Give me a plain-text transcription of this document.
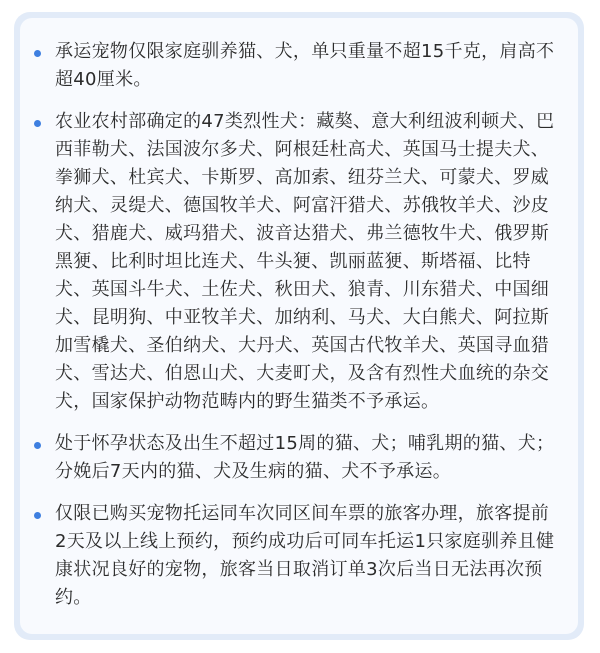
承运宠物仅限家庭驯养猫、犬，单只重量不超15千克，肩高不超40厘米。
农业农村部确定的47类烈性犬：藏獒、意大利纽波利顿犬、巴西菲勒犬、法国波尔多犬、阿根廷杜高犬、英国马士提夫犬、拳狮犬、杜宾犬、卡斯罗、高加索、纽芬兰犬、可蒙犬、罗威纳犬、灵缇犬、德国牧羊犬、阿富汗猎犬、苏俄牧羊犬、沙皮犬、猎鹿犬、威玛猎犬、波音达猎犬、弗兰德牧牛犬、俄罗斯黑㹴、比利时坦比连犬、牛头㹴、凯丽蓝㹴、斯塔福、比特犬、英国斗牛犬、土佐犬、秋田犬、狼青、川东猎犬、中国细犬、昆明狗、中亚牧羊犬、加纳利、马犬、大白熊犬、阿拉斯加雪橇犬、圣伯纳犬、大丹犬、英国古代牧羊犬、英国寻血猎犬、雪达犬、伯恩山犬、大麦町犬，及含有烈性犬血统的杂交犬，国家保护动物范畴内的野生猫类不予承运。
处于怀孕状态及出生不超过15周的猫、犬；哺乳期的猫、犬；分娩后7天内的猫、犬及生病的猫、犬不予承运。
仅限已购买宠物托运同车次同区间车票的旅客办理，旅客提前2天及以上线上预约，预约成功后可同车托运1只家庭驯养且健康状况良好的宠物，旅客当日取消订单3次后当日无法再次预约。
